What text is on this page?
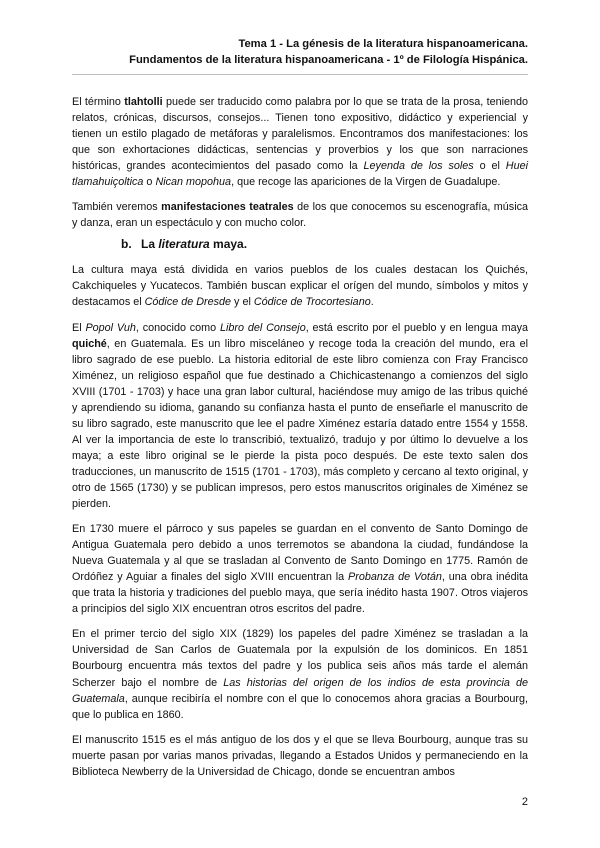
Tema 1 - La génesis de la literatura hispanoamericana.
Fundamentos de la literatura hispanoamericana - 1º de Filología Hispánica.

El término tlahtolli puede ser traducido como palabra por lo que se trata de la prosa, teniendo relatos, crónicas, discursos, consejos... Tienen tono expositivo, didáctico y experiencial y tienen un estilo plagado de metáforas y paralelismos. Encontramos dos manifestaciones: los que son exhortaciones didácticas, sentencias y proverbios y los que son narraciones históricas, grandes acontecimientos del pasado como la Leyenda de los soles o el Huei tlamahuiçoltica o Nican mopohua, que recoge las apariciones de la Virgen de Guadalupe.

También veremos manifestaciones teatrales de los que conocemos su escenografía, música y danza, eran un espectáculo y con mucho color.

b. La literatura maya.

La cultura maya está dividida en varios pueblos de los cuales destacan los Quichés, Cakchiqueles y Yucatecos. También buscan explicar el orígen del mundo, símbolos y mitos y destacamos el Códice de Dresde y el Códice de Trocortesiano.

El Popol Vuh, conocido como Libro del Consejo, está escrito por el pueblo y en lengua maya quiché, en Guatemala. Es un libro misceláneo y recoge toda la creación del mundo, era el libro sagrado de ese pueblo. La historia editorial de este libro comienza con Fray Francisco Ximénez, un religioso español que fue destinado a Chichicastenango a comienzos del siglo XVIII (1701 - 1703) y hace una gran labor cultural, haciéndose muy amigo de las tribus quiché y aprendiendo su idioma, ganando su confianza hasta el punto de enseñarle el manuscrito de su libro sagrado, este manuscrito que lee el padre Ximénez estaría datado entre 1554 y 1558. Al ver la importancia de este lo transcribió, textualizó, tradujo y por último lo devuelve a los maya; a este libro original se le pierde la pista poco después. De este texto salen dos traducciones, un manuscrito de 1515 (1701 - 1703), más completo y cercano al texto original, y otro de 1565 (1730) y se publican impresos, pero estos manuscritos originales de Ximénez se pierden.

En 1730 muere el párroco y sus papeles se guardan en el convento de Santo Domingo de Antigua Guatemala pero debido a unos terremotos se abandona la ciudad, fundándose la Nueva Guatemala y al que se trasladan al Convento de Santo Domingo en 1775. Ramón de Ordóñez y Aguiar a finales del siglo XVIII encuentran la Probanza de Votán, una obra inédita que trata la historia y tradiciones del pueblo maya, que sería inédito hasta 1907. Otros viajeros a principios del siglo XIX encuentran otros escritos del padre.

En el primer tercio del siglo XIX (1829) los papeles del padre Ximénez se trasladan a la Universidad de San Carlos de Guatemala por la expulsión de los dominicos. En 1851 Bourbourg encuentra más textos del padre y los publica seis años más tarde el alemán Scherzer bajo el nombre de Las historias del origen de los indios de esta provincia de Guatemala, aunque recibiría el nombre con el que lo conocemos ahora gracias a Bourbourg, que lo publica en 1860.

El manuscrito 1515 es el más antiguo de los dos y el que se lleva Bourbourg, aunque tras su muerte pasan por varias manos privadas, llegando a Estados Unidos y permaneciendo en la Biblioteca Newberry de la Universidad de Chicago, donde se encuentran ambos

2
